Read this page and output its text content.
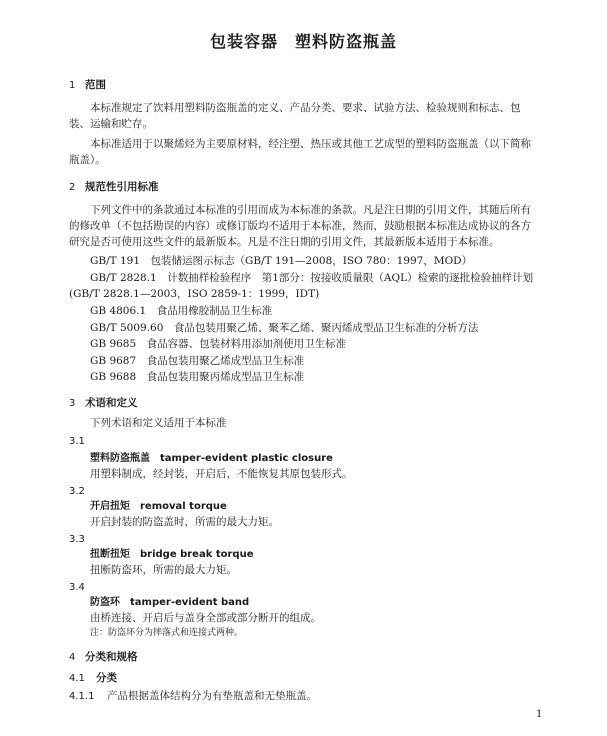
包装容器　塑料防盗瓶盖
1 范围
本标准规定了饮料用塑料防盗瓶盖的定义、产品分类、要求、试验方法、检验规则和标志、包装、运输和贮存。
本标准适用于以聚烯烃为主要原材料，经注塑、热压或其他工艺成型的塑料防盗瓶盖（以下简称瓶盖）。
2 规范性引用标准
下列文件中的条款通过本标准的引用而成为本标准的条款。凡是注日期的引用文件，其随后所有的修改单（不包括勘误的内容）或修订版均不适用于本标准，然而，鼓励根据本标准达成协议的各方研究是否可使用这些文件的最新版本。凡是不注日期的引用文件，其最新版本适用于本标准。
GB/T 191　包装储运图示标志（GB/T 191—2008，ISO 780：1997，MOD）
GB/T 2828.1　计数抽样检验程序　第1部分：按接收质量限（AQL）检索的逐批检验抽样计划
(GB/T 2828.1—2003，ISO 2859-1：1999，IDT)
GB 4806.1　食品用橡胶制品卫生标准
GB/T 5009.60　食品包装用聚乙烯、聚苯乙烯、聚丙烯成型品卫生标准的分析方法
GB 9685　食品容器、包装材料用添加剂使用卫生标准
GB 9687　食品包装用聚乙烯成型品卫生标准
GB 9688　食品包装用聚丙烯成型品卫生标准
3 术语和定义
下列术语和定义适用于本标准
3.1
塑料防盗瓶盖　tamper-evident plastic closure
用塑料制成，经封装，开启后，不能恢复其原包装形式。
3.2
开启扭矩　removal torque
开启封装的防盗盖时，所需的最大力矩。
3.3
扭断扭矩　bridge break torque
扭断防盗环，所需的最大力矩。
3.4
防盗环　tamper-evident band
由桥连接、开启后与盖身全部或部分断开的组成。
注：防盗环分为摔落式和连接式两种。
4 分类和规格
4.1 分类
4.1.1 产品根据盖体结构分为有垫瓶盖和无垫瓶盖。
1
